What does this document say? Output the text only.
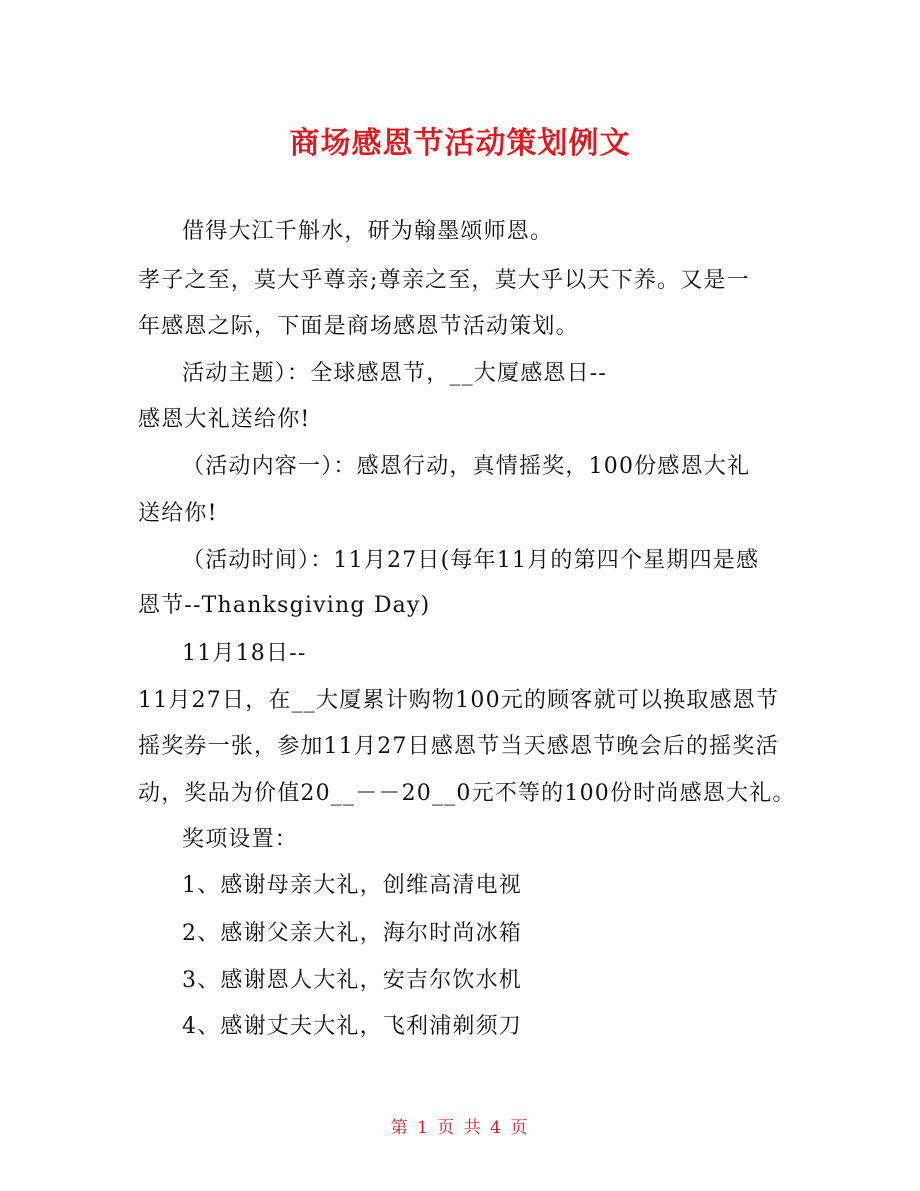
商场感恩节活动策划例文
借得大江千斛水，研为翰墨颂师恩。
孝子之至，莫大乎尊亲;尊亲之至，莫大乎以天下养。又是一
年感恩之际，下面是商场感恩节活动策划。
活动主题）：全球感恩节，__大厦感恩日--
感恩大礼送给你!
（活动内容一）：感恩行动，真情摇奖，100份感恩大礼
送给你!
（活动时间）：11月27日(每年11月的第四个星期四是感
恩节--Thanksgiving Day)
11月18日--
11月27日，在__大厦累计购物100元的顾客就可以换取感恩节
摇奖券一张，参加11月27日感恩节当天感恩节晚会后的摇奖活
动，奖品为价值20__－－20__0元不等的100份时尚感恩大礼。
奖项设置：
1、感谢母亲大礼，创维高清电视
2、感谢父亲大礼，海尔时尚冰箱
3、感谢恩人大礼，安吉尔饮水机
4、感谢丈夫大礼，飞利浦剃须刀
第 1 页 共 4 页
